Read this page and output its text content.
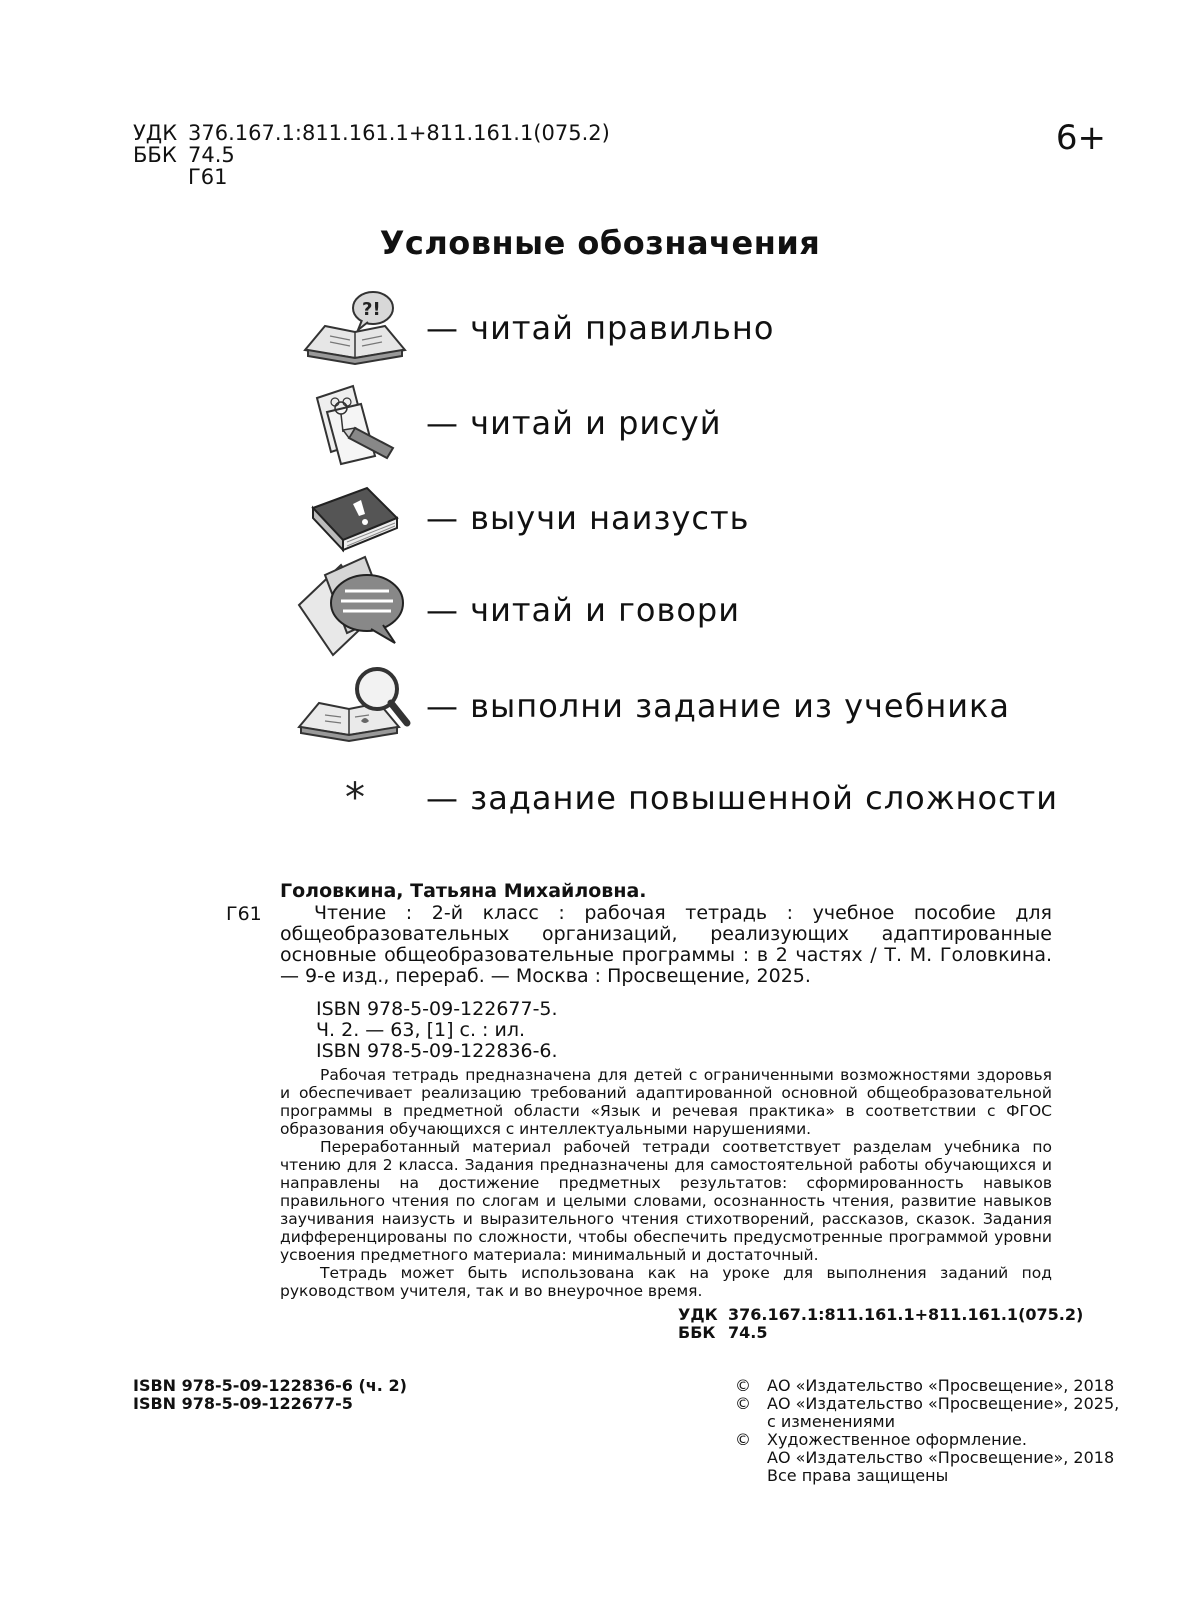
УДК 376.167.1:811.161.1+811.161.1(075.2)
ББК 74.5
Г61
6+
Условные обозначения
?! — читай правильно
— читай и рисуй
— выучи наизусть
— читай и говори
— выполни задание из учебника
* — задание повышенной сложности
Головкина, Татьяна Михайловна.
Г61	Чтение : 2-й класс : рабочая тетрадь : учебное пособие для общеобразовательных организаций, реализующих адаптированные основные общеобразовательные программы : в 2 частях / Т. М. Головкина. — 9-е изд., перераб. — Москва : Просвещение, 2025.
ISBN 978-5-09-122677-5.
Ч. 2. — 63, [1] с. : ил.
ISBN 978-5-09-122836-6.

Рабочая тетрадь предназначена для детей с ограниченными возможностями здоровья и обеспечивает реализацию требований адаптированной основной общеобразовательной программы в предметной области «Язык и речевая практика» в соответствии с ФГОС образования обучающихся с интеллектуальными нарушениями.

Переработанный материал рабочей тетради соответствует разделам учебника по чтению для 2 класса. Задания предназначены для самостоятельной работы обучающихся и направлены на достижение предметных результатов: сформированность навыков правильного чтения по слогам и целыми словами, осознанность чтения, развитие навыков заучивания наизусть и выразительного чтения стихотворений, рассказов, сказок. Задания дифференцированы по сложности, чтобы обеспечить предусмотренные программой уровни усвоения предметного материала: минимальный и достаточный.

Тетрадь может быть использована как на уроке для выполнения заданий под руководством учителя, так и во внеурочное время.

УДК 376.167.1:811.161.1+811.161.1(075.2)
ББК 74.5
ISBN 978-5-09-122836-6 (ч. 2)
ISBN 978-5-09-122677-5
©	АО «Издательство «Просвещение», 2018
©	АО «Издательство «Просвещение», 2025,
с изменениями
©	Художественное оформление.
АО «Издательство «Просвещение», 2018
Все права защищены
